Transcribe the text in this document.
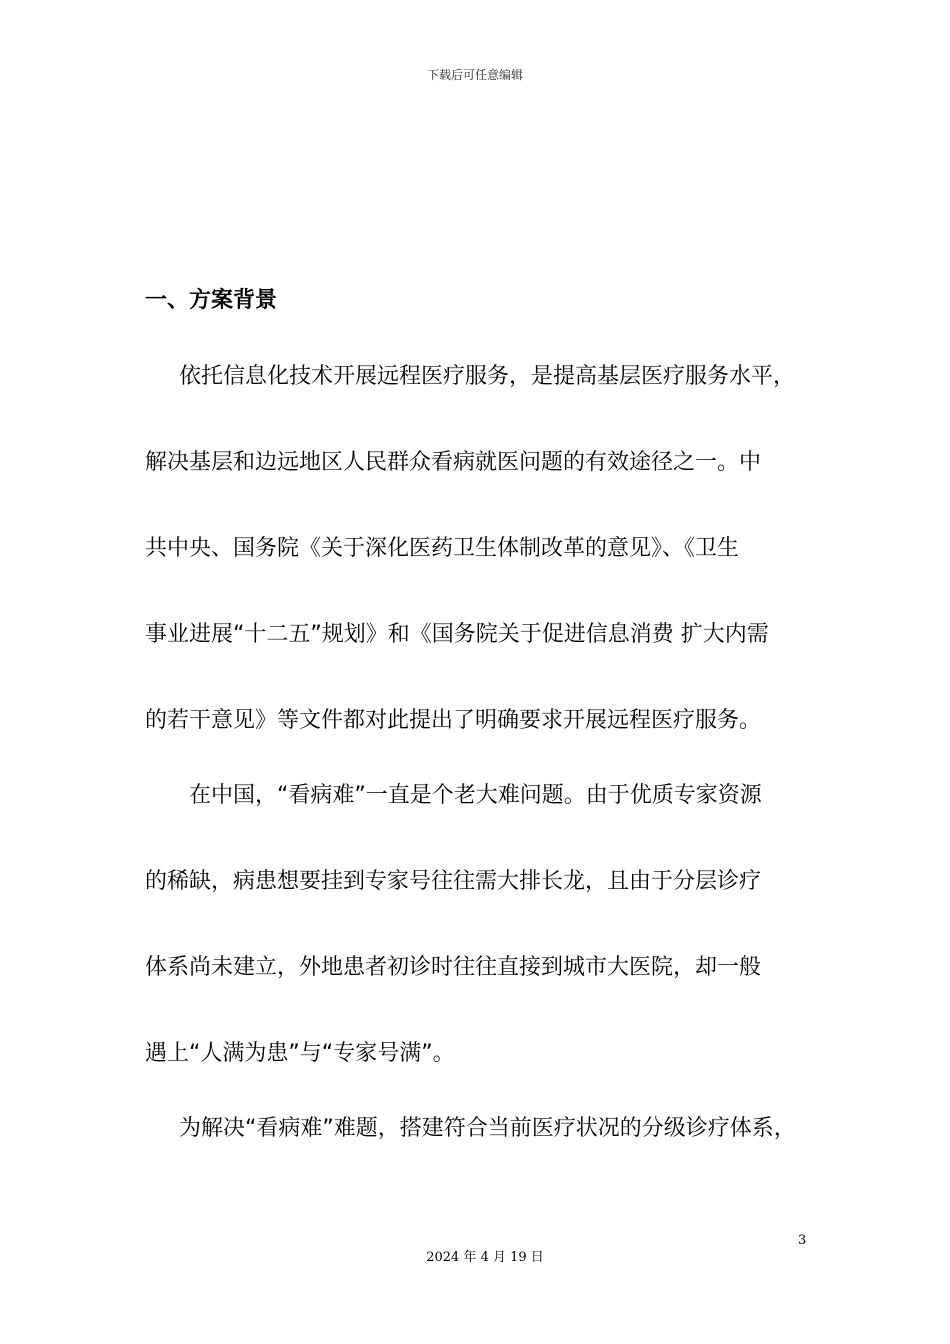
下载后可任意编辑
一、方案背景
依托信息化技术开展远程医疗服务，是提高基层医疗服务水平，
解决基层和边远地区人民群众看病就医问题的有效途径之一。中
共中央、国务院《关于深化医药卫生体制改革的意见》、《卫生
事业进展“十二五”规划》和《国务院关于促进信息消费 扩大内需
的若干意见》等文件都对此提出了明确要求开展远程医疗服务。
在中国，“看病难”一直是个老大难问题。由于优质专家资源
的稀缺，病患想要挂到专家号往往需大排长龙，且由于分层诊疗
体系尚未建立，外地患者初诊时往往直接到城市大医院，却一般
遇上“人满为患”与“专家号满”。
为解决“看病难”难题，搭建符合当前医疗状况的分级诊疗体系，
3
2024 年 4 月 19 日
